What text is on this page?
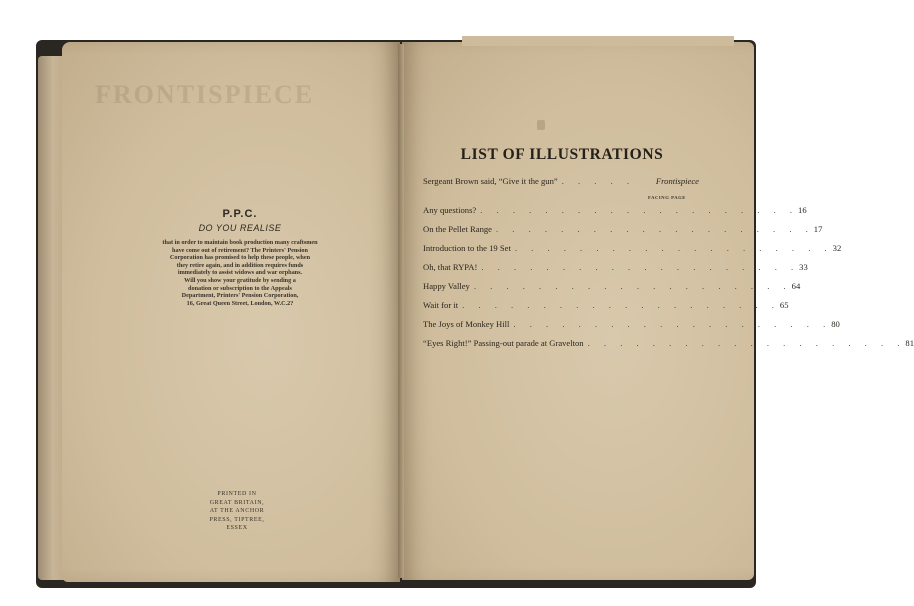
FRONTISPIECE
P.P.C.
DO YOU REALISE
that in order to maintain book production many craftsmen
have come out of retirement? The Printers' Pension
Corporation has promised to help these people, when
they retire again, and in addition requires funds
immediately to assist widows and war orphans.
Will you show your gratitude by sending a
donation or subscription to the Appeals
Department, Printers' Pension Corporation,
16, Great Queen Street, London, W.C.2?
PRINTED IN
GREAT BRITAIN,
AT THE ANCHOR
PRESS, TIPTREE,
ESSEX
LIST OF ILLUSTRATIONS
Sergeant Brown said, “Give it the gun” . . . . .	Frontispiece
FACING PAGE
Any questions? . . . . . . . . . . . . . . . . . . . . 16
On the Pellet Range . . . . . . . . . . . . . . . . . . . . 17
Introduction to the 19 Set . . . . . . . . . . . . . . . . . . . . 32
Oh, that RYPA! . . . . . . . . . . . . . . . . . . . . 33
Happy Valley . . . . . . . . . . . . . . . . . . . . 64
Wait for it . . . . . . . . . . . . . . . . . . . . 65
The Joys of Monkey Hill . . . . . . . . . . . . . . . . . . . . 80
“Eyes Right!” Passing-out parade at Gravelton . . . . . . . . . . . . . . . . . . . . 81
